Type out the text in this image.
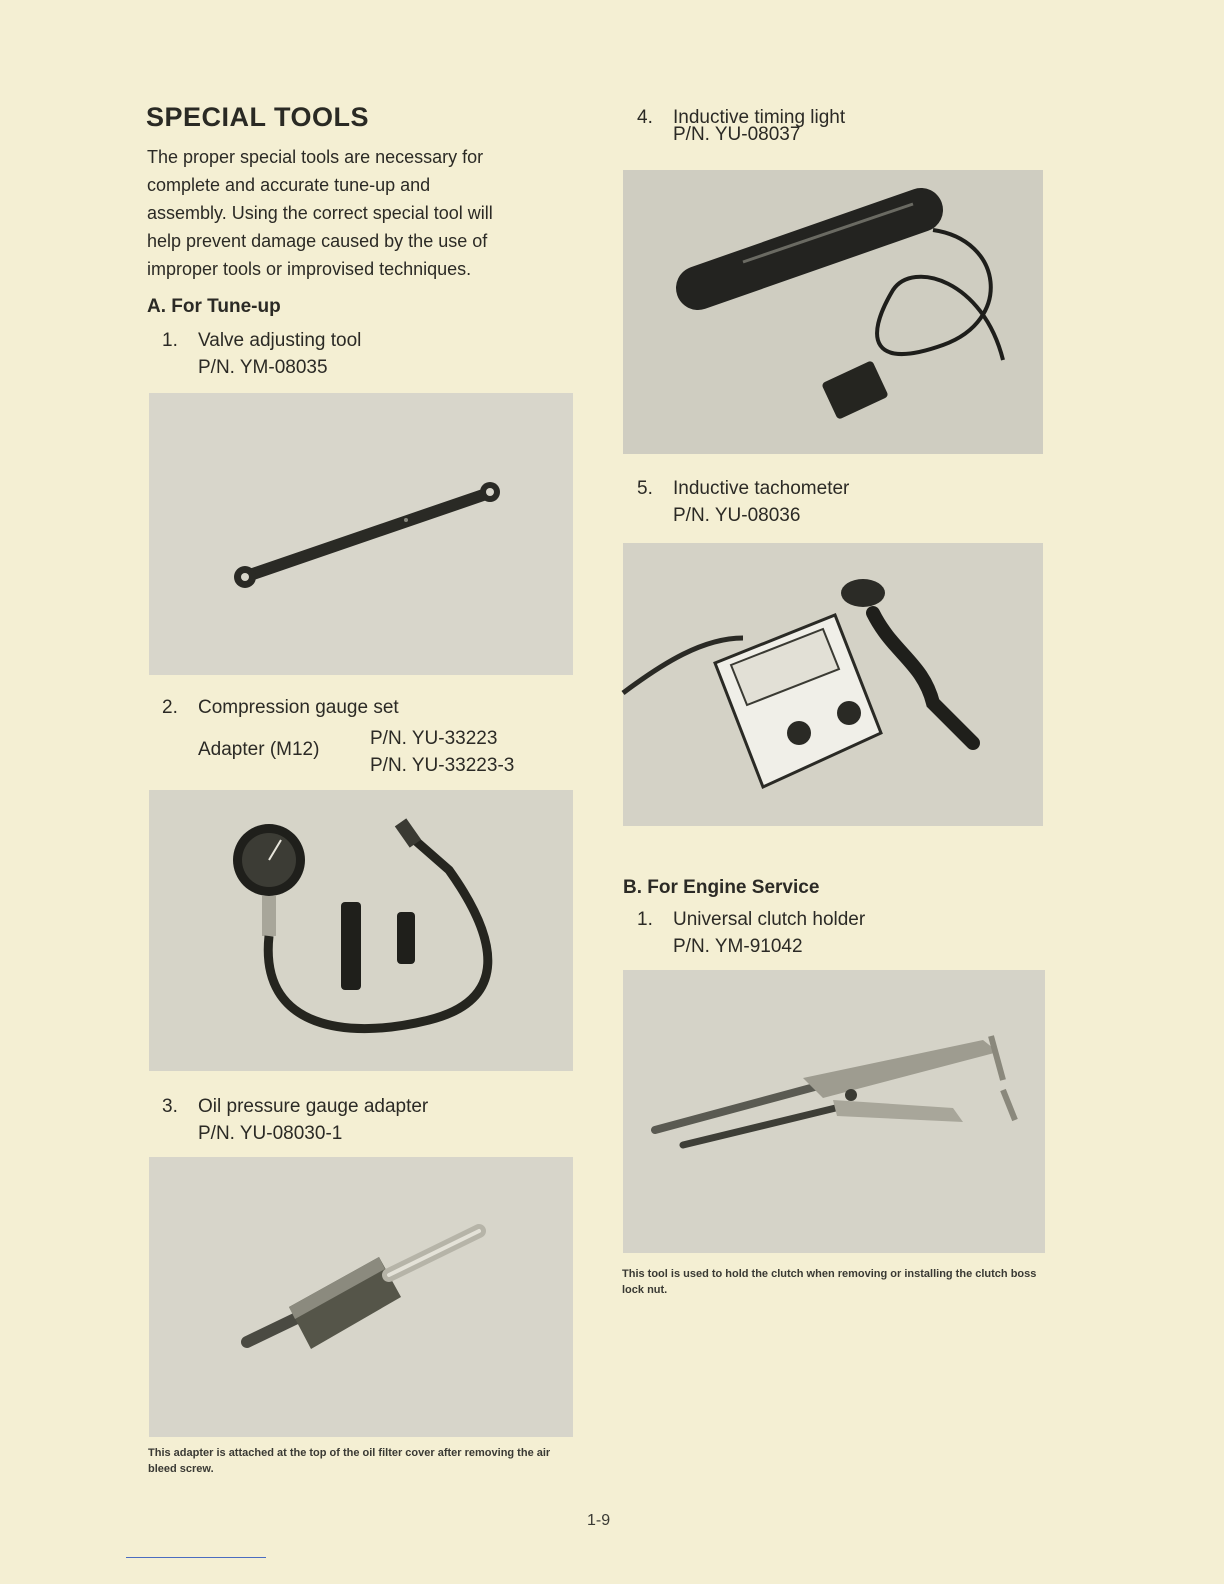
SPECIAL TOOLS
The proper special tools are necessary for
complete and accurate tune-up and
assembly. Using the correct special tool will
help prevent damage caused by the use of
improper tools or improvised techniques.
A. For Tune-up
1. Valve adjusting tool
P/N. YM-08035
2. Compression gauge set
Adapter (M12)
P/N. YU-33223
P/N. YU-33223-3
3. Oil pressure gauge adapter
P/N. YU-08030-1
This adapter is attached at the top of the oil filter cover after removing the air bleed screw.
4. Inductive timing light
P/N. YU-08037
5. Inductive tachometer
P/N. YU-08036
B. For Engine Service
1. Universal clutch holder
P/N. YM-91042
This tool is used to hold the clutch when removing or installing the clutch boss lock nut.
1-9
